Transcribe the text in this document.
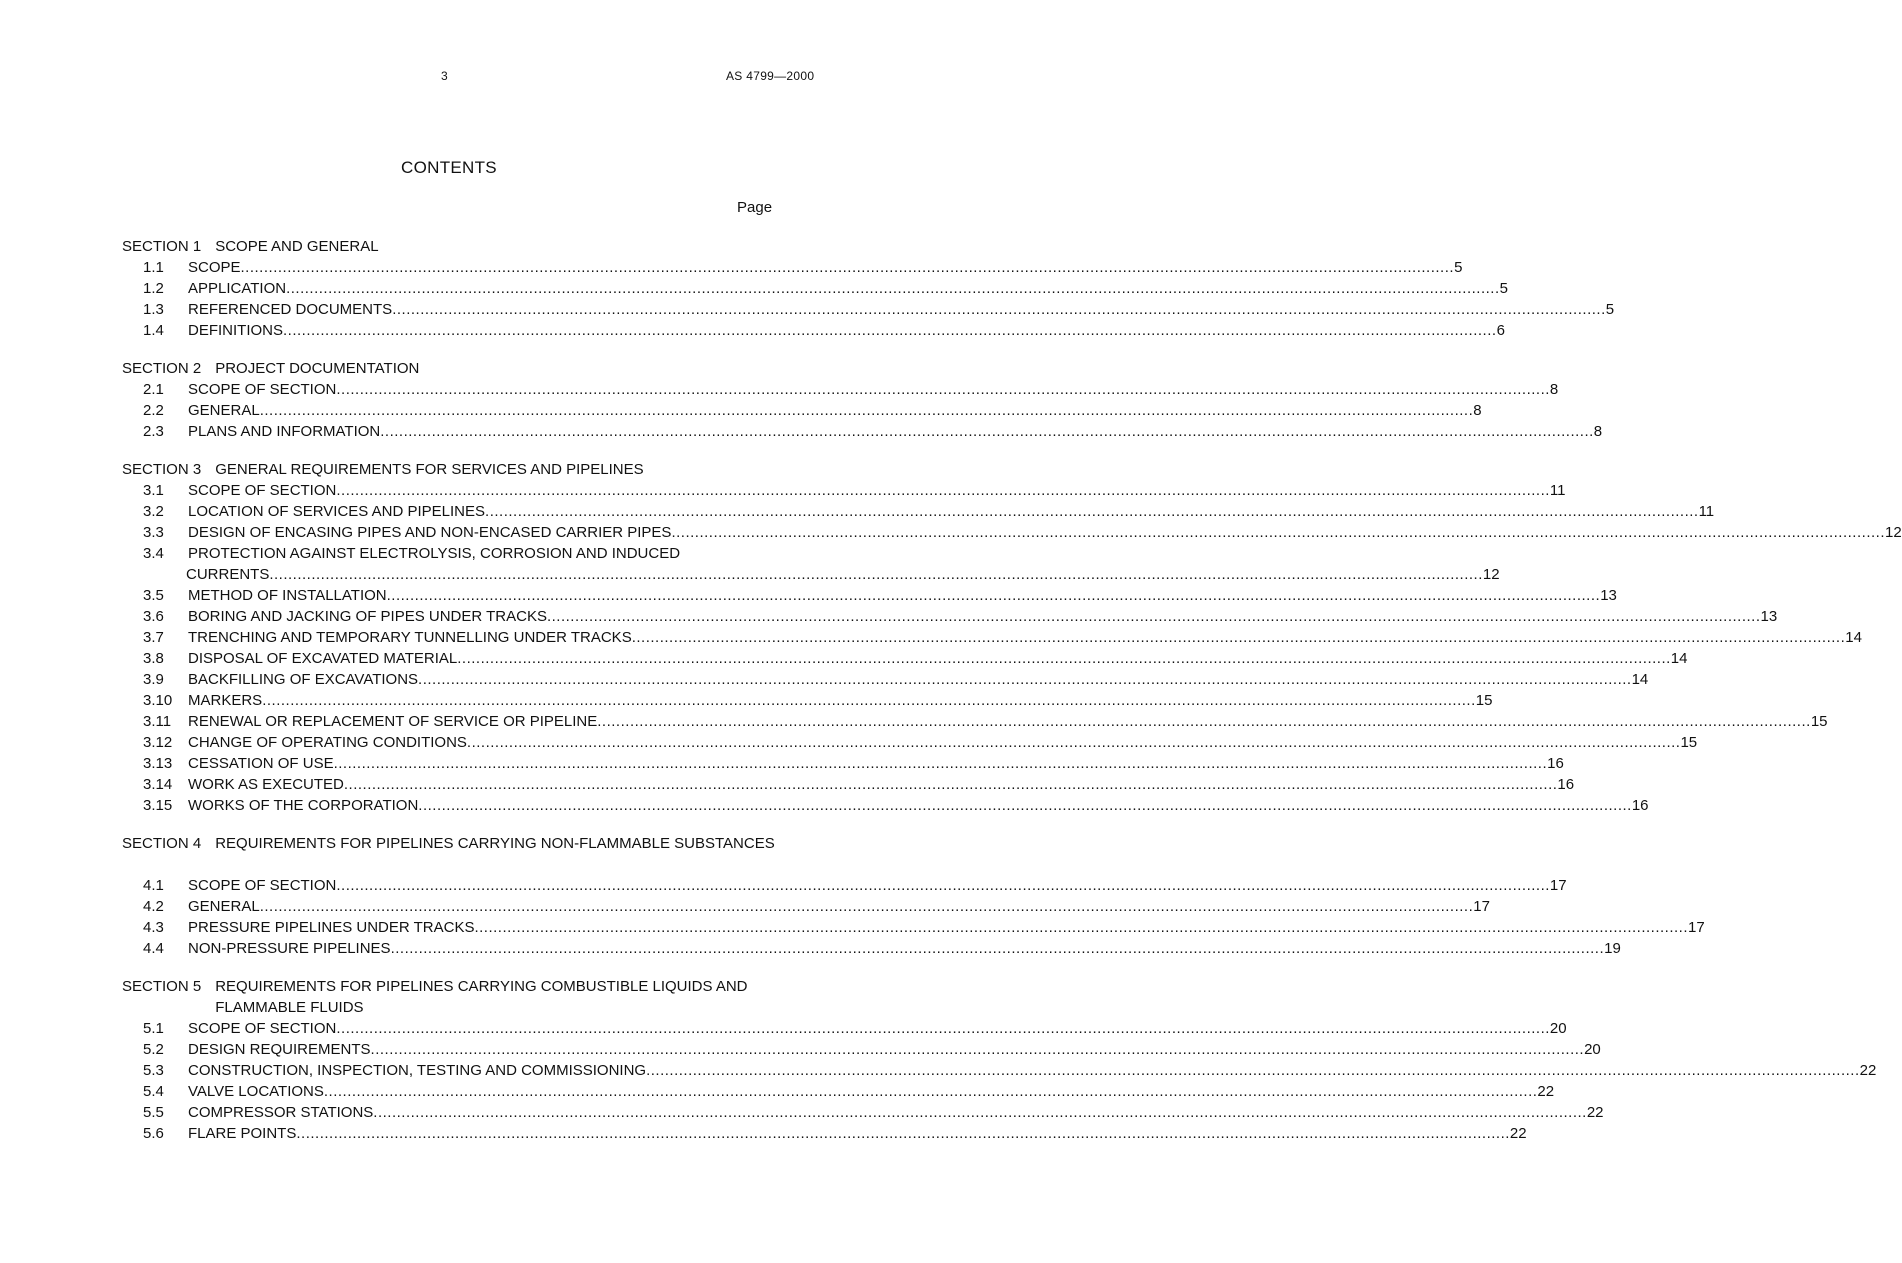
3	AS 4799—2000
CONTENTS
Page
SECTION 1 SCOPE AND GENERAL
1.1	SCOPE .................................................................................................................................................................................................................................................................... 5
1.2	APPLICATION .................................................................................................................................................................................................................................................................... 5
1.3	REFERENCED DOCUMENTS .................................................................................................................................................................................................................................................................... 5
1.4	DEFINITIONS .................................................................................................................................................................................................................................................................... 6
SECTION 2 PROJECT DOCUMENTATION
2.1	SCOPE OF SECTION .................................................................................................................................................................................................................................................................... 8
2.2	GENERAL .................................................................................................................................................................................................................................................................... 8
2.3	PLANS AND INFORMATION .................................................................................................................................................................................................................................................................... 8
SECTION 3 GENERAL REQUIREMENTS FOR SERVICES AND PIPELINES
3.1	SCOPE OF SECTION .................................................................................................................................................................................................................................................................... 11
3.2	LOCATION OF SERVICES AND PIPELINES .................................................................................................................................................................................................................................................................... 11
3.3	DESIGN OF ENCASING PIPES AND NON-ENCASED CARRIER PIPES .................................................................................................................................................................................................................................................................... 12
3.4	PROTECTION AGAINST ELECTROLYSIS, CORROSION AND INDUCED
CURRENTS .................................................................................................................................................................................................................................................................... 12
3.5	METHOD OF INSTALLATION .................................................................................................................................................................................................................................................................... 13
3.6	BORING AND JACKING OF PIPES UNDER TRACKS .................................................................................................................................................................................................................................................................... 13
3.7	TRENCHING AND TEMPORARY TUNNELLING UNDER TRACKS .................................................................................................................................................................................................................................................................... 14
3.8	DISPOSAL OF EXCAVATED MATERIAL .................................................................................................................................................................................................................................................................... 14
3.9	BACKFILLING OF EXCAVATIONS .................................................................................................................................................................................................................................................................... 14
3.10	MARKERS .................................................................................................................................................................................................................................................................... 15
3.11	RENEWAL OR REPLACEMENT OF SERVICE OR PIPELINE .................................................................................................................................................................................................................................................................... 15
3.12	CHANGE OF OPERATING CONDITIONS .................................................................................................................................................................................................................................................................... 15
3.13	CESSATION OF USE .................................................................................................................................................................................................................................................................... 16
3.14	WORK AS EXECUTED .................................................................................................................................................................................................................................................................... 16
3.15	WORKS OF THE CORPORATION .................................................................................................................................................................................................................................................................... 16
SECTION 4 REQUIREMENTS FOR PIPELINES CARRYING NON-FLAMMABLE SUBSTANCES
4.1	SCOPE OF SECTION .................................................................................................................................................................................................................................................................... 17
4.2	GENERAL .................................................................................................................................................................................................................................................................... 17
4.3	PRESSURE PIPELINES UNDER TRACKS .................................................................................................................................................................................................................................................................... 17
4.4	NON-PRESSURE PIPELINES .................................................................................................................................................................................................................................................................... 19
SECTION 5 REQUIREMENTS FOR PIPELINES CARRYING COMBUSTIBLE LIQUIDS AND FLAMMABLE FLUIDS
5.1	SCOPE OF SECTION .................................................................................................................................................................................................................................................................... 20
5.2	DESIGN REQUIREMENTS .................................................................................................................................................................................................................................................................... 20
5.3	CONSTRUCTION, INSPECTION, TESTING AND COMMISSIONING .................................................................................................................................................................................................................................................................... 22
5.4	VALVE LOCATIONS .................................................................................................................................................................................................................................................................... 22
5.5	COMPRESSOR STATIONS .................................................................................................................................................................................................................................................................... 22
5.6	FLARE POINTS .................................................................................................................................................................................................................................................................... 22
